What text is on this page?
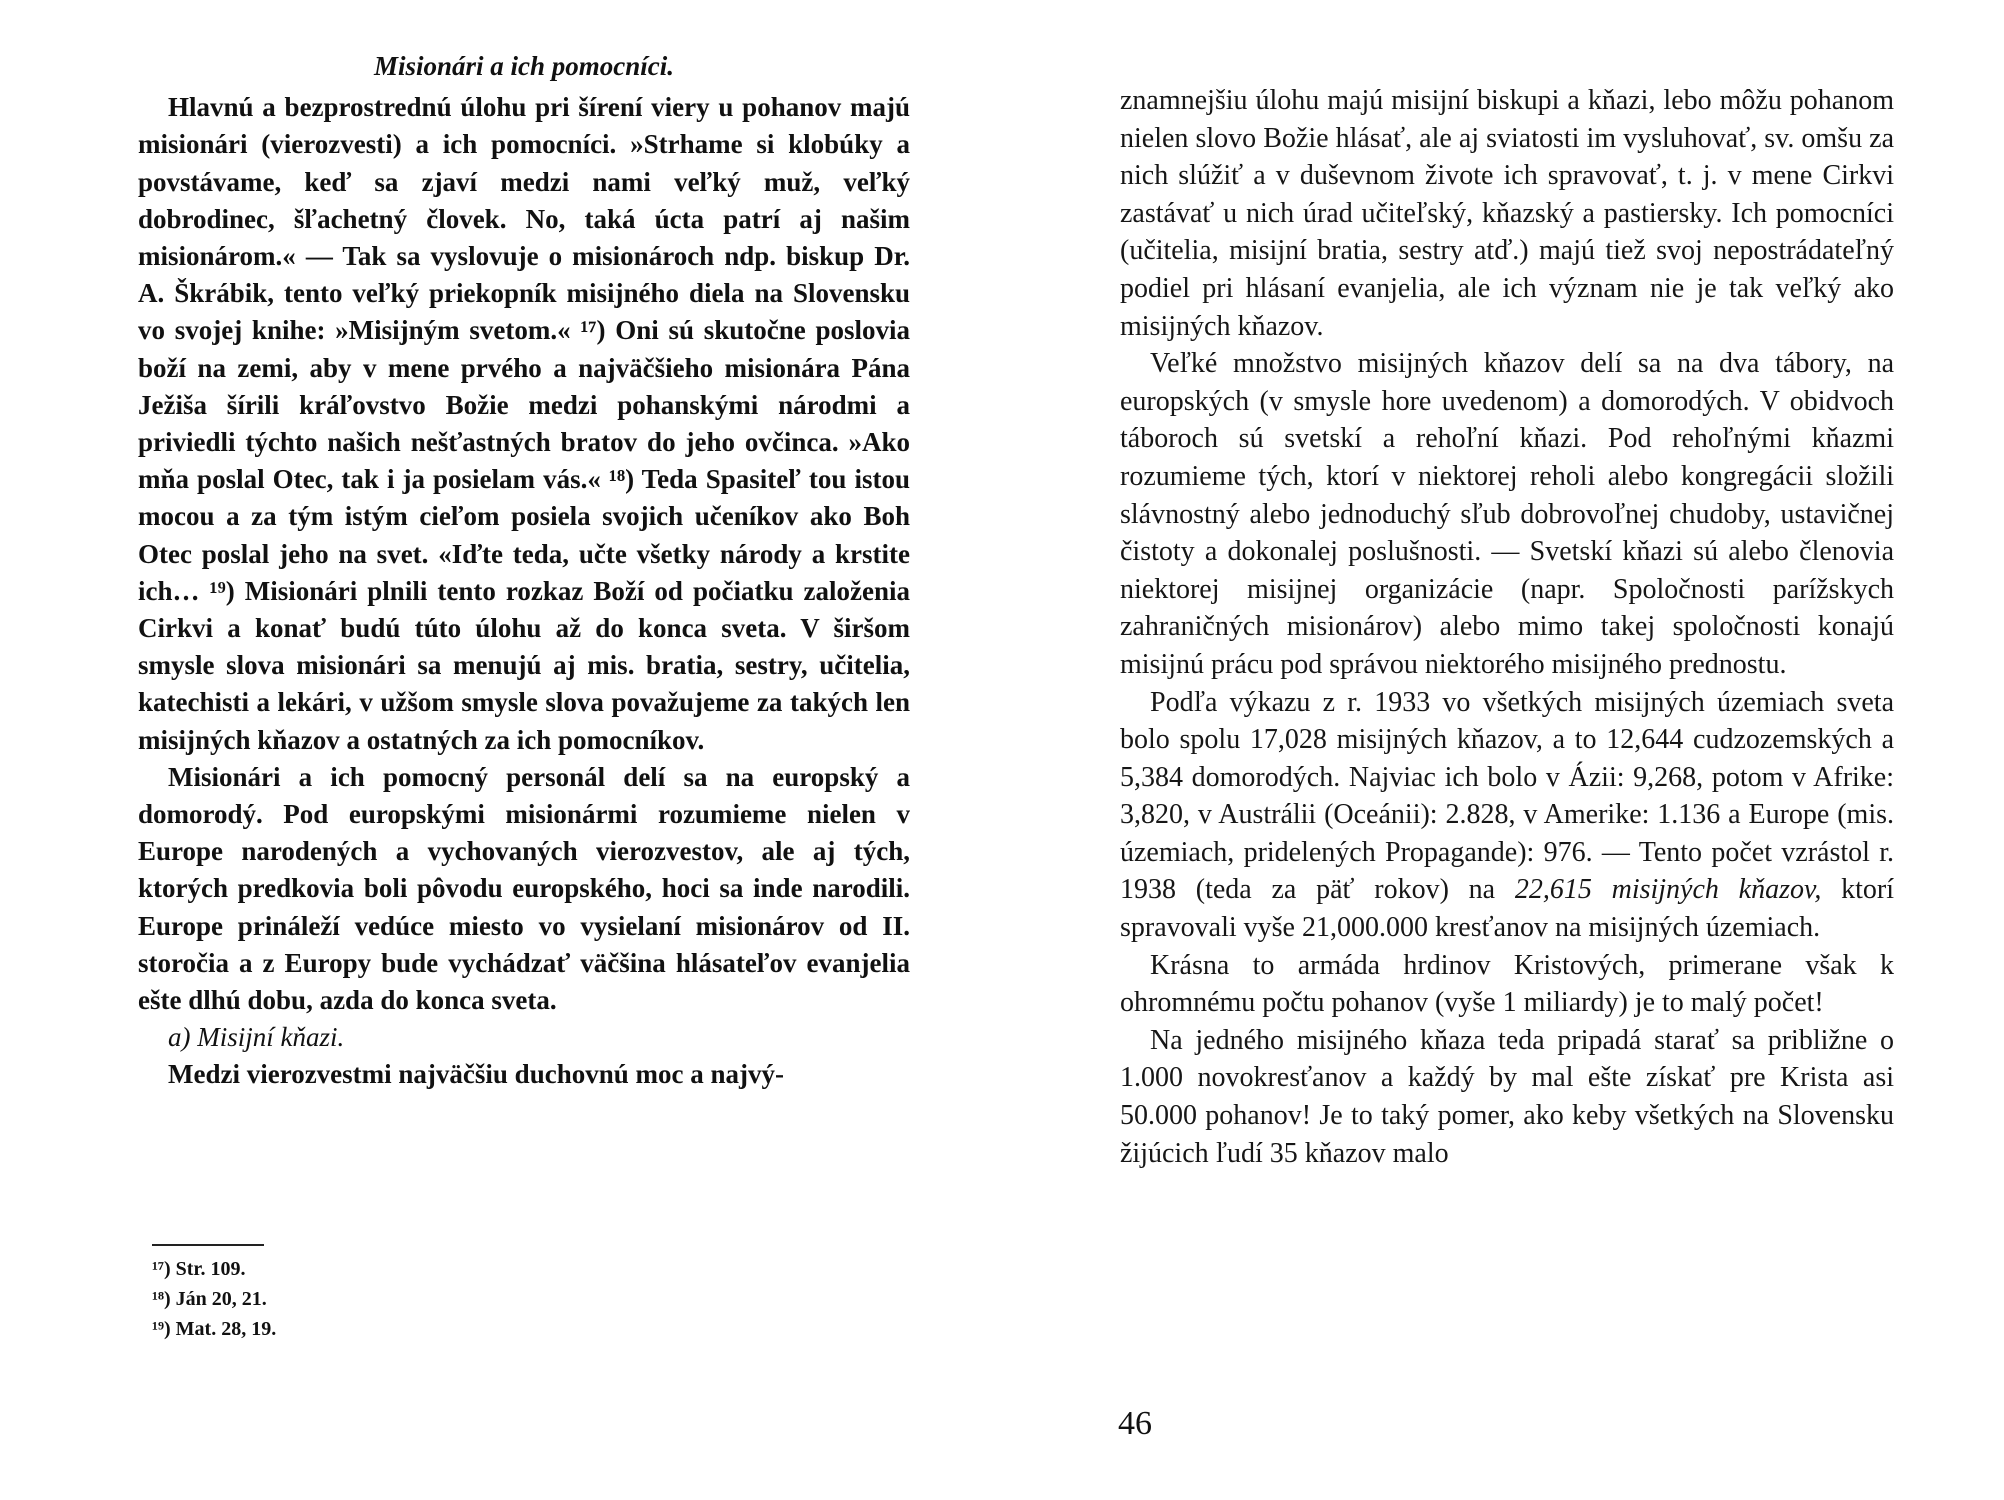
Misionári a ich pomocníci.

Hlavnú a bezprostrednú úlohu pri šírení viery u pohanov majú misionári (vierozvesti) a ich pomocníci. »Strhame si klobúky a povstávame, keď sa zjaví medzi nami veľký muž, veľký dobrodinec, šľachetný človek. No, taká úcta patrí aj našim misionárom.« — Tak sa vyslovuje o misionároch ndp. biskup Dr. A. Škrábik, tento veľký priekopník misijného diela na Slovensku vo svojej knihe: »Misijným svetom.« ¹⁷) Oni sú skutočne poslovia boží na zemi, aby v mene prvého a najväčšieho misionára Pána Ježiša šírili kráľovstvo Božie medzi pohanskými národmi a priviedli týchto našich nešťastných bratov do jeho ovčinca. »Ako mňa poslal Otec, tak i ja posielam vás.« ¹⁸) Teda Spasiteľ tou istou mocou a za tým istým cieľom posiela svojich učeníkov ako Boh Otec poslal jeho na svet. «Iďte teda, učte všetky národy a krstite ich… ¹⁹) Misionári plnili tento rozkaz Boží od počiatku založenia Cirkvi a konať budú túto úlohu až do konca sveta. V širšom smysle slova misionári sa menujú aj mis. bratia, sestry, učitelia, katechisti a lekári, v užšom smysle slova považujeme za takých len misijných kňazov a ostatných za ich pomocníkov.

Misionári a ich pomocný personál delí sa na europský a domorodý. Pod europskými misionármi rozumieme nielen v Europe narodených a vychovaných vierozvestov, ale aj tých, ktorých predkovia boli pôvodu europského, hoci sa inde narodili. Europe prináleží vedúce miesto vo vysielaní misionárov od II. storočia a z Europy bude vychádzať väčšina hlásateľov evanjelia ešte dlhú dobu, azda do konca sveta.

a) Misijní kňazi.

Medzi vierozvestmi najväčšiu duchovnú moc a najvý-

¹⁷) Str. 109.
¹⁸) Ján 20, 21.
¹⁹) Mat. 28, 19.

znamnejšiu úlohu majú misijní biskupi a kňazi, lebo môžu pohanom nielen slovo Božie hlásať, ale aj sviatosti im vysluhovať, sv. omšu za nich slúžiť a v duševnom živote ich spravovať, t. j. v mene Cirkvi zastávať u nich úrad učiteľský, kňazský a pastiersky. Ich pomocníci (učitelia, misijní bratia, sestry atď.) majú tiež svoj nepostrádateľný podiel pri hlásaní evanjelia, ale ich význam nie je tak veľký ako misijných kňazov.

Veľké množstvo misijných kňazov delí sa na dva tábory, na europských (v smysle hore uvedenom) a domorodých. V obidvoch táboroch sú svetskí a rehoľní kňazi. Pod rehoľnými kňazmi rozumieme tých, ktorí v niektorej reholi alebo kongregácii složili slávnostný alebo jednoduchý sľub dobrovoľnej chudoby, ustavičnej čistoty a dokonalej poslušnosti. — Svetskí kňazi sú alebo členovia niektorej misijnej organizácie (napr. Spoločnosti parížskych zahraničných misionárov) alebo mimo takej spoločnosti konajú misijnú prácu pod správou niektorého misijného prednostu.

Podľa výkazu z r. 1933 vo všetkých misijných územiach sveta bolo spolu 17,028 misijných kňazov, a to 12,644 cudzozemských a 5,384 domorodých. Najviac ich bolo v Ázii: 9,268, potom v Afrike: 3,820, v Austrálii (Oceánii): 2.828, v Amerike: 1.136 a Europe (mis. územiach, pridelených Propagande): 976. — Tento počet vzrástol r. 1938 (teda za päť rokov) na 22,615 misijných kňazov, ktorí spravovali vyše 21,000.000 kresťanov na misijných územiach.

Krásna to armáda hrdinov Kristových, primerane však k ohromnému počtu pohanov (vyše 1 miliardy) je to malý počet!

Na jedného misijného kňaza teda pripadá starať sa približne o 1.000 novokresťanov a každý by mal ešte získať pre Krista asi 50.000 pohanov! Je to taký pomer, ako keby všetkých na Slovensku žijúcich ľudí 35 kňazov malo

46
